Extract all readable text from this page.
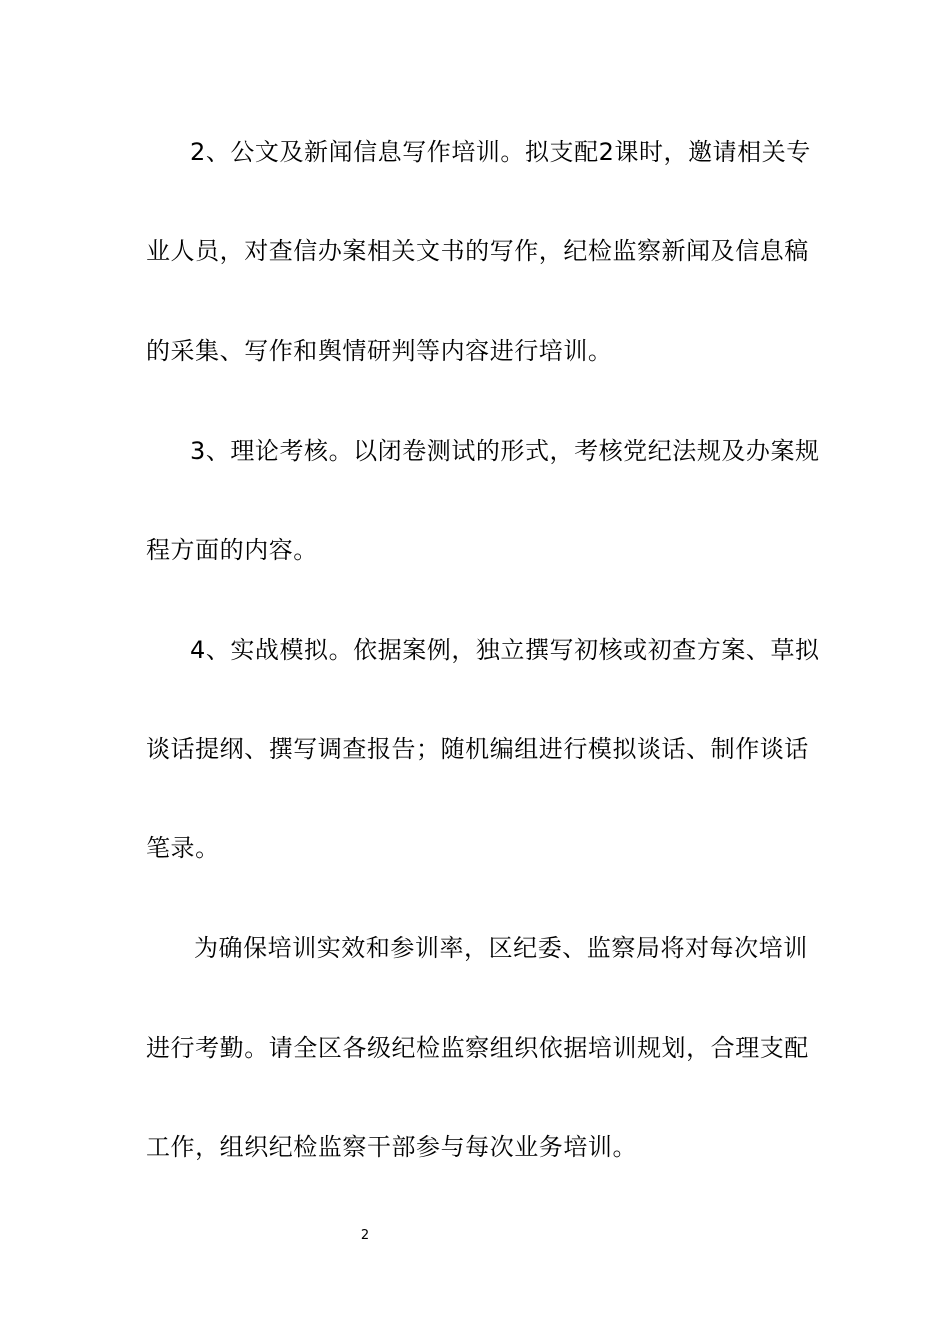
2、公文及新闻信息写作培训。拟支配2课时，邀请相关专
业人员，对查信办案相关文书的写作，纪检监察新闻及信息稿
的采集、写作和舆情研判等内容进行培训。
3、理论考核。以闭卷测试的形式，考核党纪法规及办案规
程方面的内容。
4、实战模拟。依据案例，独立撰写初核或初查方案、草拟
谈话提纲、撰写调查报告；随机编组进行模拟谈话、制作谈话
笔录。
为确保培训实效和参训率，区纪委、监察局将对每次培训
进行考勤。请全区各级纪检监察组织依据培训规划，合理支配
工作，组织纪检监察干部参与每次业务培训。
2
